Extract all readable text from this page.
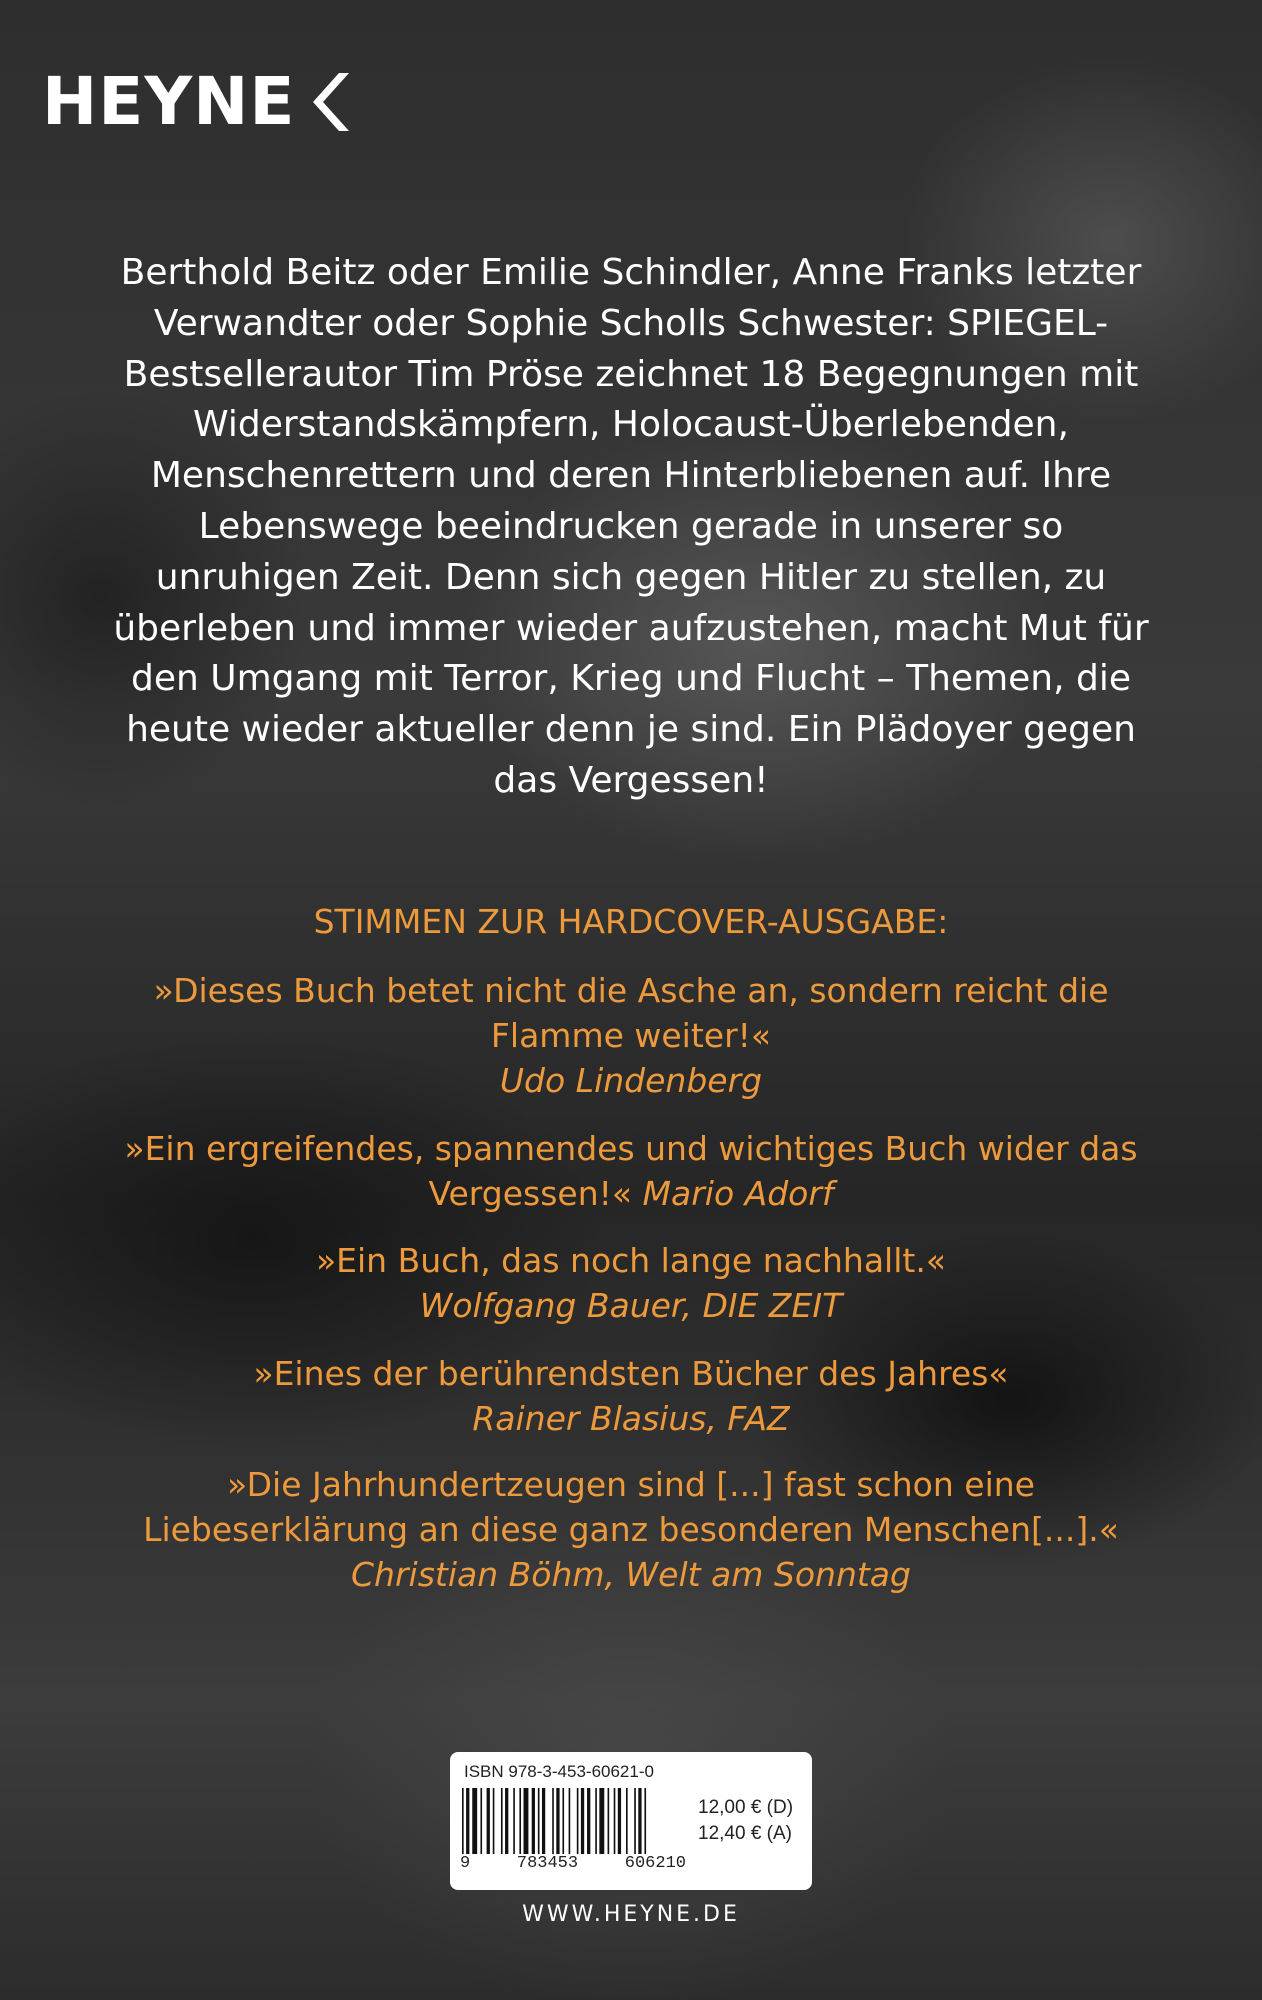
HEYNE

Berthold Beitz oder Emilie Schindler, Anne Franks letzter Verwandter oder Sophie Scholls Schwester: SPIEGEL-Bestsellerautor Tim Pröse zeichnet 18 Begegnungen mit Widerstandskämpfern, Holocaust-Überlebenden, Menschenrettern und deren Hinterbliebenen auf. Ihre Lebenswege beeindrucken gerade in unserer so unruhigen Zeit. Denn sich gegen Hitler zu stellen, zu überleben und immer wieder aufzustehen, macht Mut für den Umgang mit Terror, Krieg und Flucht – Themen, die heute wieder aktueller denn je sind. Ein Plädoyer gegen das Vergessen!

STIMMEN ZUR HARDCOVER-AUSGABE:

»Dieses Buch betet nicht die Asche an, sondern reicht die Flamme weiter!«
Udo Lindenberg

»Ein ergreifendes, spannendes und wichtiges Buch wider das Vergessen!« Mario Adorf

»Ein Buch, das noch lange nachhallt.«
Wolfgang Bauer, DIE ZEIT

»Eines der berührendsten Bücher des Jahres«
Rainer Blasius, FAZ

»Die Jahrhundertzeugen sind [...] fast schon eine Liebeserklärung an diese ganz besonderen Menschen[...].«
Christian Böhm, Welt am Sonntag

ISBN 978-3-453-60621-0
9	783453	606210
12,00 € (D)
12,40 € (A)
WWW.HEYNE.DE
